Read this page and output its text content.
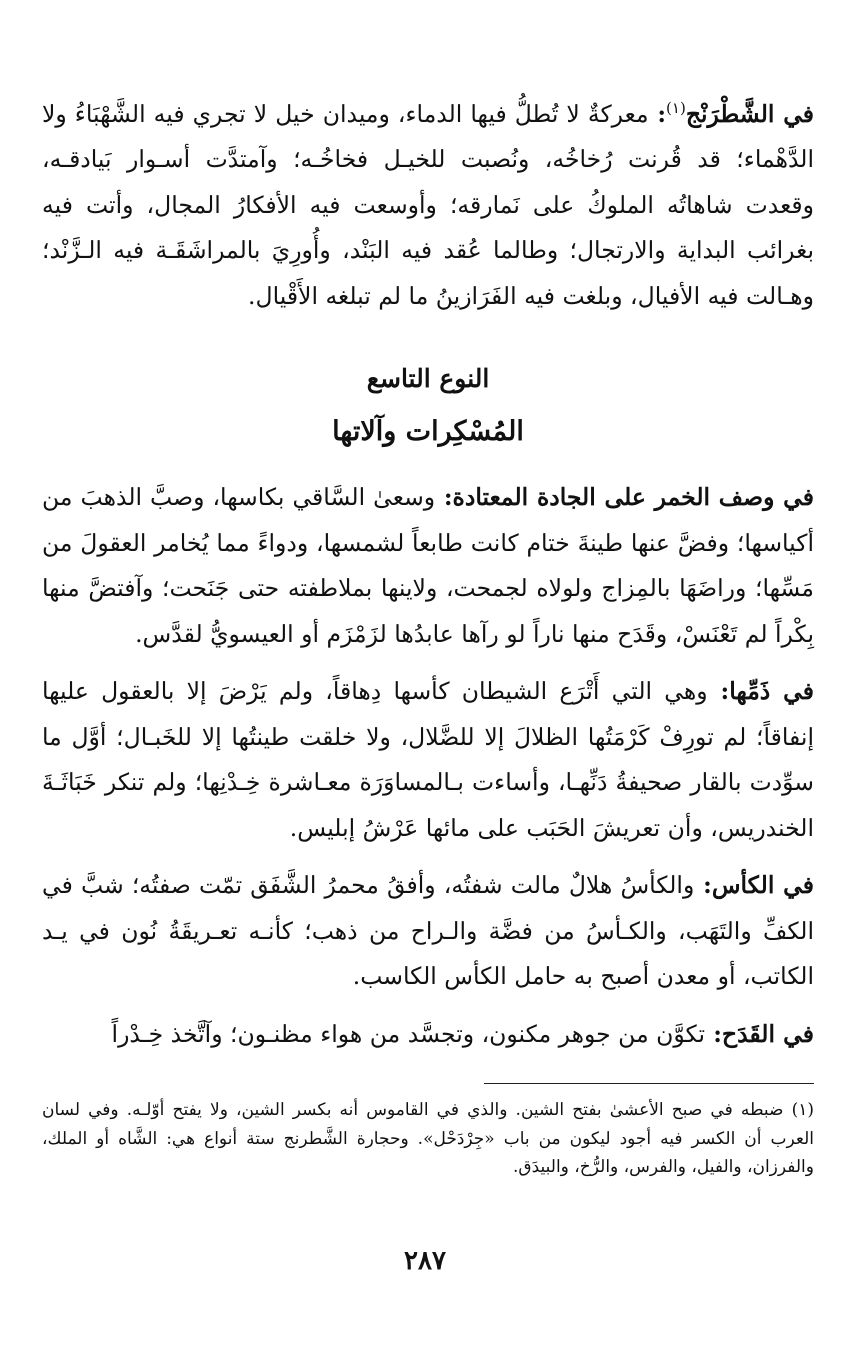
في الشَّطْرَنْج$^{(١)}$: معركةٌ لا تُطلُّ فيها الدماء، وميدان خيل لا تجري فيه الشَّهْبَاءُ ولا الدَّهْماء؛ قد قُرنت رُخاخُه، ونُصبت للخيـل فخاخُـه؛ وآمتدَّت أسـوار بَيادقـه، وقعدت شاهاتُه الملوكُ على نَمارقه؛ وأوسعت فيه الأفكارُ المجال، وأتت فيه بغرائب البداية والارتجال؛ وطالما عُقد فيه البَنْد، وأُورِيَ بالمراشَقَـة فيه الـزَّنْد؛ وهـالت فيه الأفيال، وبلغت فيه الفَرَازينُ ما لم تبلغه الأَقْيال.

النوع التاسع
المُسْكِرات وآلاتها

في وصف الخمر على الجادة المعتادة: وسعىٰ السَّاقي بكاسها، وصبَّ الذهبَ من أكياسها؛ وفضَّ عنها طينةَ ختام كانت طابعاً لشمسها، ودواءً مما يُخامر العقولَ من مَسِّها؛ وراضَهَا بالمِزاج ولولاه لجمحت، ولاينها بملاطفته حتى جَنَحت؛ وآفتضَّ منها بِكْراً لم تَعْنَسْ، وقَدَح منها ناراً لو رآها عابدُها لزَمْزَم أو العيسويُّ لقدَّس.

في ذَمِّها: وهي التي أَتْرَع الشيطان كأسها دِهاقاً، ولم يَرْضَ إلا بالعقول عليها إنفاقاً؛ لم تورِفْ كَرْمَتُها الظلالَ إلا للضَّلال، ولا خلقت طينتُها إلا للخَبـال؛ أوَّل ما سوِّدت بالقار صحيفةُ دَنِّهـا، وأساءت بـالمساوَرَة معـاشرة خِـدْنِها؛ ولم تنكر خَبَاثَـةَ الخندريس، وأن تعريشَ الحَبَب على مائها عَرْشُ إبليس.

في الكأس: والكأسُ هلالٌ مالت شفتُه، وأفقُ محمرُ الشَّفَق تمّت صفتُه؛ شبَّ في الكفِّ والتَهَب، والكـأسُ من فضَّة والـراح من ذهب؛ كأنـه تعـريقَةُ نُون في يـد الكاتب، أو معدن أصبح به حامل الكأس الكاسب.

في القَدَح: تكوَّن من جوهر مكنون، وتجسَّد من هواء مظنـون؛ وآتَّخذ خِـدْراً

(١) ضبطه في صبح الأعشىٰ بفتح الشين. والذي في القاموس أنه بكسر الشين، ولا يفتح أوّلـه. وفي لسان العرب أن الكسر فيه أجود ليكون من باب «جِرْدَحْل». وحجارة الشَّطرنج ستة أنواع هي: الشَّاه أو الملك، والفرزان، والفيل، والفرس، والرُّخ، والبيدَق.
٢٨٧
